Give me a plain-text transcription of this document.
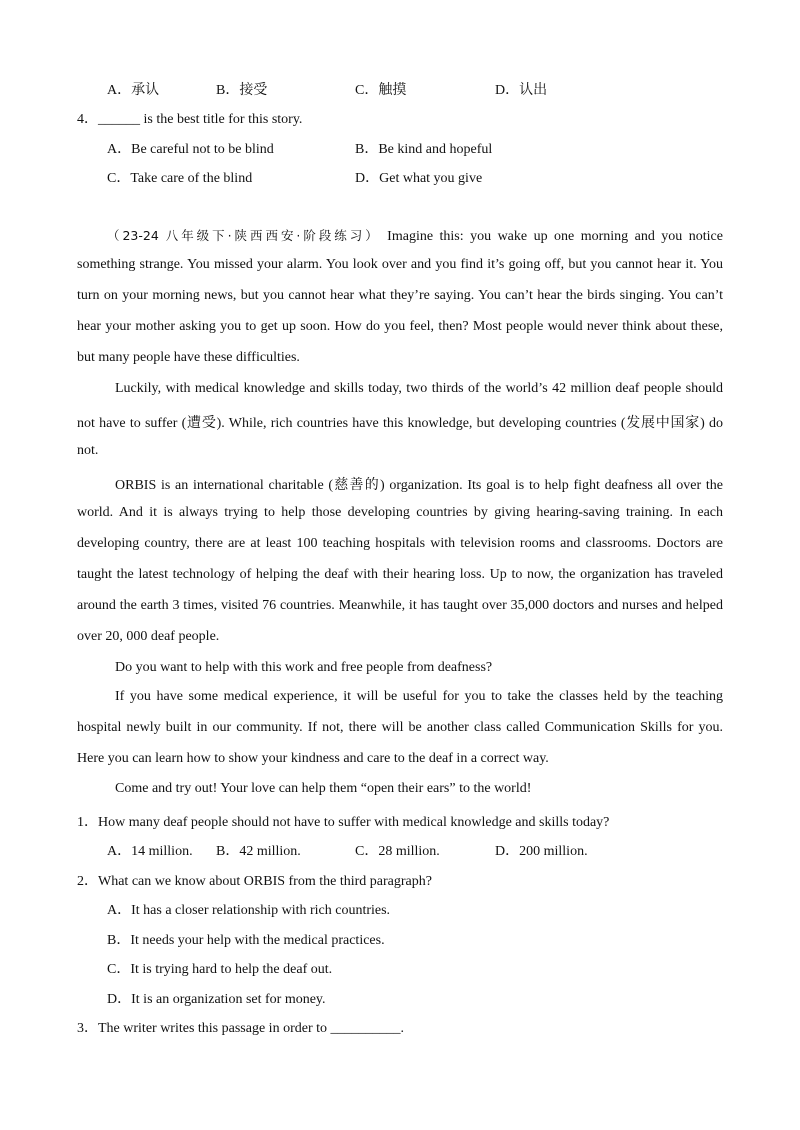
A．承认	B．接受	C．触摸	D．认出
4．______ is the best title for this story.
A．Be careful not to be blind	B．Be kind and hopeful
C．Take care of the blind	D．Get what you give
（23-24 八年级下·陕西西安·阶段练习） Imagine this: you wake up one morning and you notice
something strange. You missed your alarm. You look over and you find it’s going off, but you cannot hear it. You
turn on your morning news, but you cannot hear what they’re saying. You can’t hear the birds singing. You can’t
hear your mother asking you to get up soon. How do you feel, then? Most people would never think about these,
but many people have these difficulties.
Luckily, with medical knowledge and skills today, two thirds of the world’s 42 million deaf people should
not have to suffer (遭受). While, rich countries have this knowledge, but developing countries (发展中国家) do
not.
ORBIS is an international charitable (慈善的) organization. Its goal is to help fight deafness all over the
world. And it is always trying to help those developing countries by giving hearing-saving training. In each
developing country, there are at least 100 teaching hospitals with television rooms and classrooms. Doctors are
taught the latest technology of helping the deaf with their hearing loss. Up to now, the organization has traveled
around the earth 3 times, visited 76 countries. Meanwhile, it has taught over 35,000 doctors and nurses and helped
over 20, 000 deaf people.
Do you want to help with this work and free people from deafness?
If you have some medical experience, it will be useful for you to take the classes held by the teaching
hospital newly built in our community. If not, there will be another class called Communication Skills for you.
Here you can learn how to show your kindness and care to the deaf in a correct way.
Come and try out! Your love can help them “open their ears” to the world!
1．How many deaf people should not have to suffer with medical knowledge and skills today?
A．14 million. B．42 million.	C．28 million.	D．200 million.
2．What can we know about ORBIS from the third paragraph?
A．It has a closer relationship with rich countries.
B．It needs your help with the medical practices.
C．It is trying hard to help the deaf out.
D．It is an organization set for money.
3．The writer writes this passage in order to __________.
